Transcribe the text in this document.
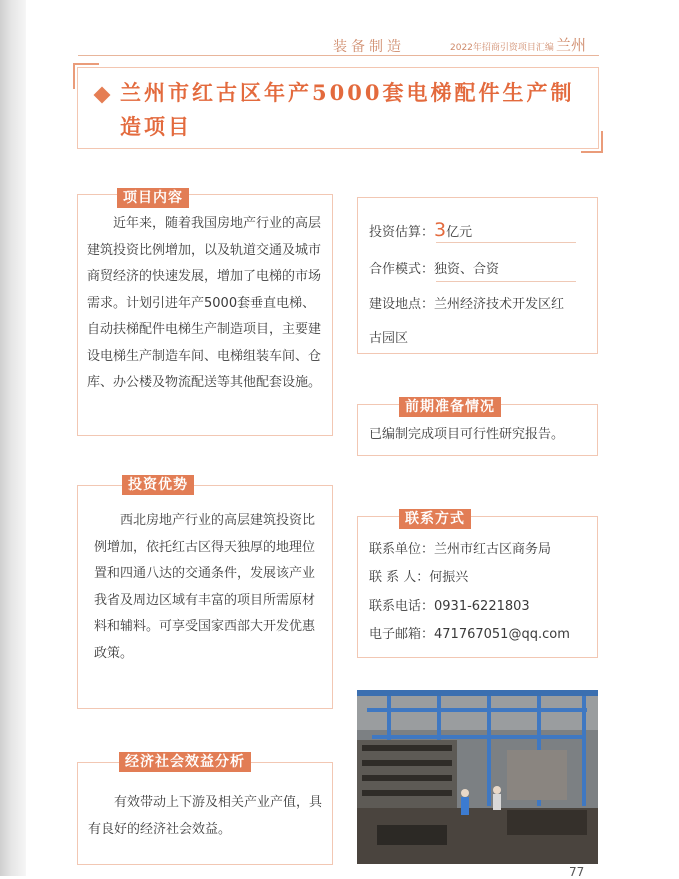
装备制造	2022年招商引资项目汇编 兰州
兰州市红古区年产5000套电梯配件生产制
造项目
项目内容
近年来，随着我国房地产行业的高层建筑投资比例增加，以及轨道交通及城市商贸经济的快速发展，增加了电梯的市场需求。计划引进年产5000套垂直电梯、自动扶梯配件电梯生产制造项目，主要建设电梯生产制造车间、电梯组装车间、仓库、办公楼及物流配送等其他配套设施。
投资优势
西北房地产行业的高层建筑投资比例增加，依托红古区得天独厚的地理位置和四通八达的交通条件，发展该产业我省及周边区域有丰富的项目所需原材料和辅料。可享受国家西部大开发优惠政策。
经济社会效益分析
有效带动上下游及相关产业产值，具有良好的经济社会效益。
投资估算：3亿元
合作模式：独资、合资
建设地点：兰州经济技术开发区红
古园区
前期准备情况
已编制完成项目可行性研究报告。
联系方式
联系单位：兰州市红古区商务局
联 系 人：何振兴
联系电话：0931-6221803
电子邮箱：471767051@qq.com
77
